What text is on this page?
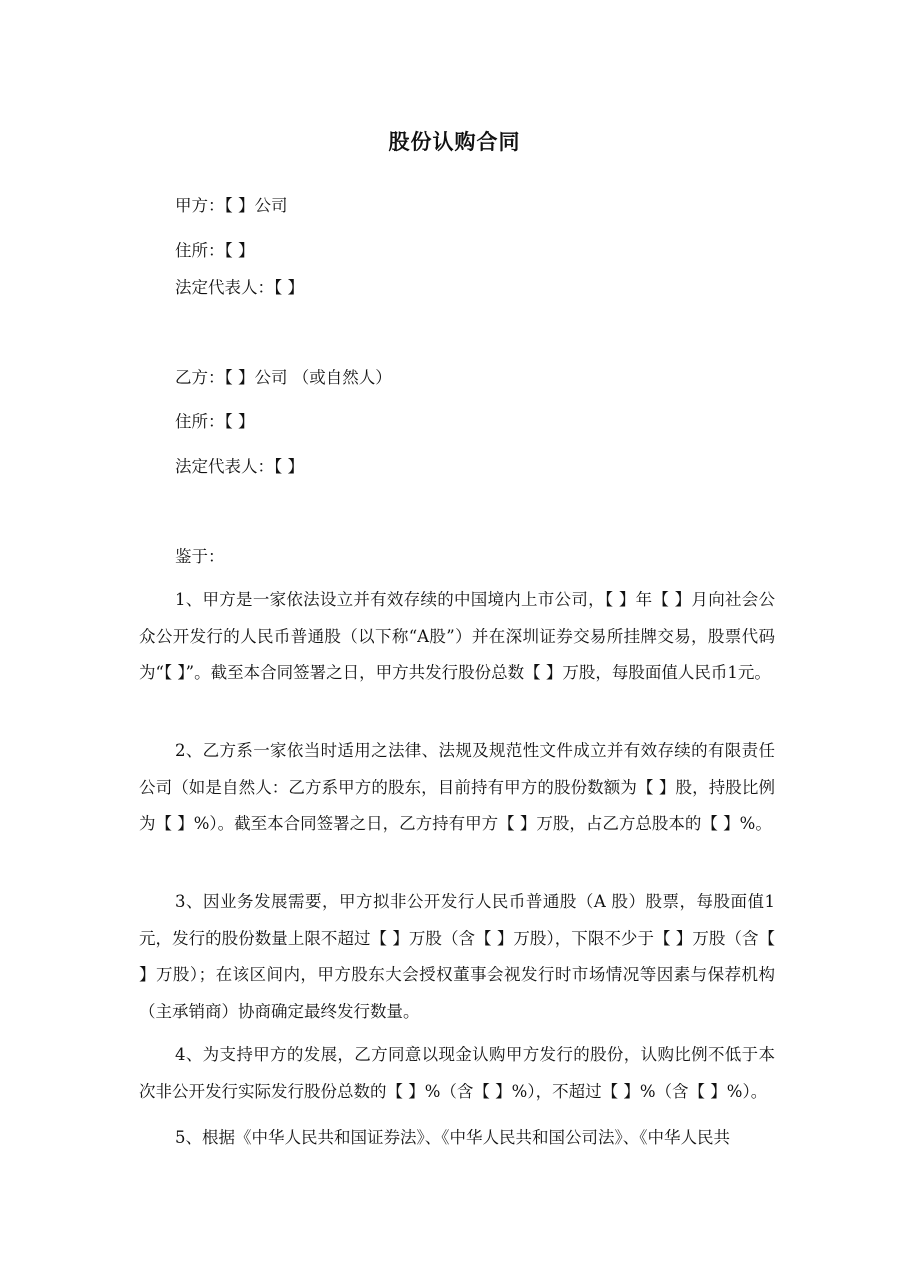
股份认购合同
甲方：【 】公司
住所：【 】
法定代表人：【 】
乙方：【 】公司 （或自然人）
住所：【 】
法定代表人：【 】
鉴于：
1、甲方是一家依法设立并有效存续的中国境内上市公司，【 】年【 】月向社会公众公开发行的人民币普通股（以下称“A股”）并在深圳证券交易所挂牌交易，股票代码为“【 】”。截至本合同签署之日，甲方共发行股份总数【 】万股，每股面值人民币1元。
2、乙方系一家依当时适用之法律、法规及规范性文件成立并有效存续的有限责任公司（如是自然人：乙方系甲方的股东，目前持有甲方的股份数额为【 】股，持股比例为【 】%）。截至本合同签署之日，乙方持有甲方【 】万股，占乙方总股本的【 】%。
3、因业务发展需要，甲方拟非公开发行人民币普通股（A 股）股票，每股面值1元，发行的股份数量上限不超过【 】万股（含【 】万股），下限不少于【 】万股（含【 】万股）；在该区间内，甲方股东大会授权董事会视发行时市场情况等因素与保荐机构（主承销商）协商确定最终发行数量。
4、为支持甲方的发展，乙方同意以现金认购甲方发行的股份，认购比例不低于本次非公开发行实际发行股份总数的【 】%（含【 】%），不超过【 】%（含【 】%）。
5、根据《中华人民共和国证券法》、《中华人民共和国公司法》、《中华人民共
